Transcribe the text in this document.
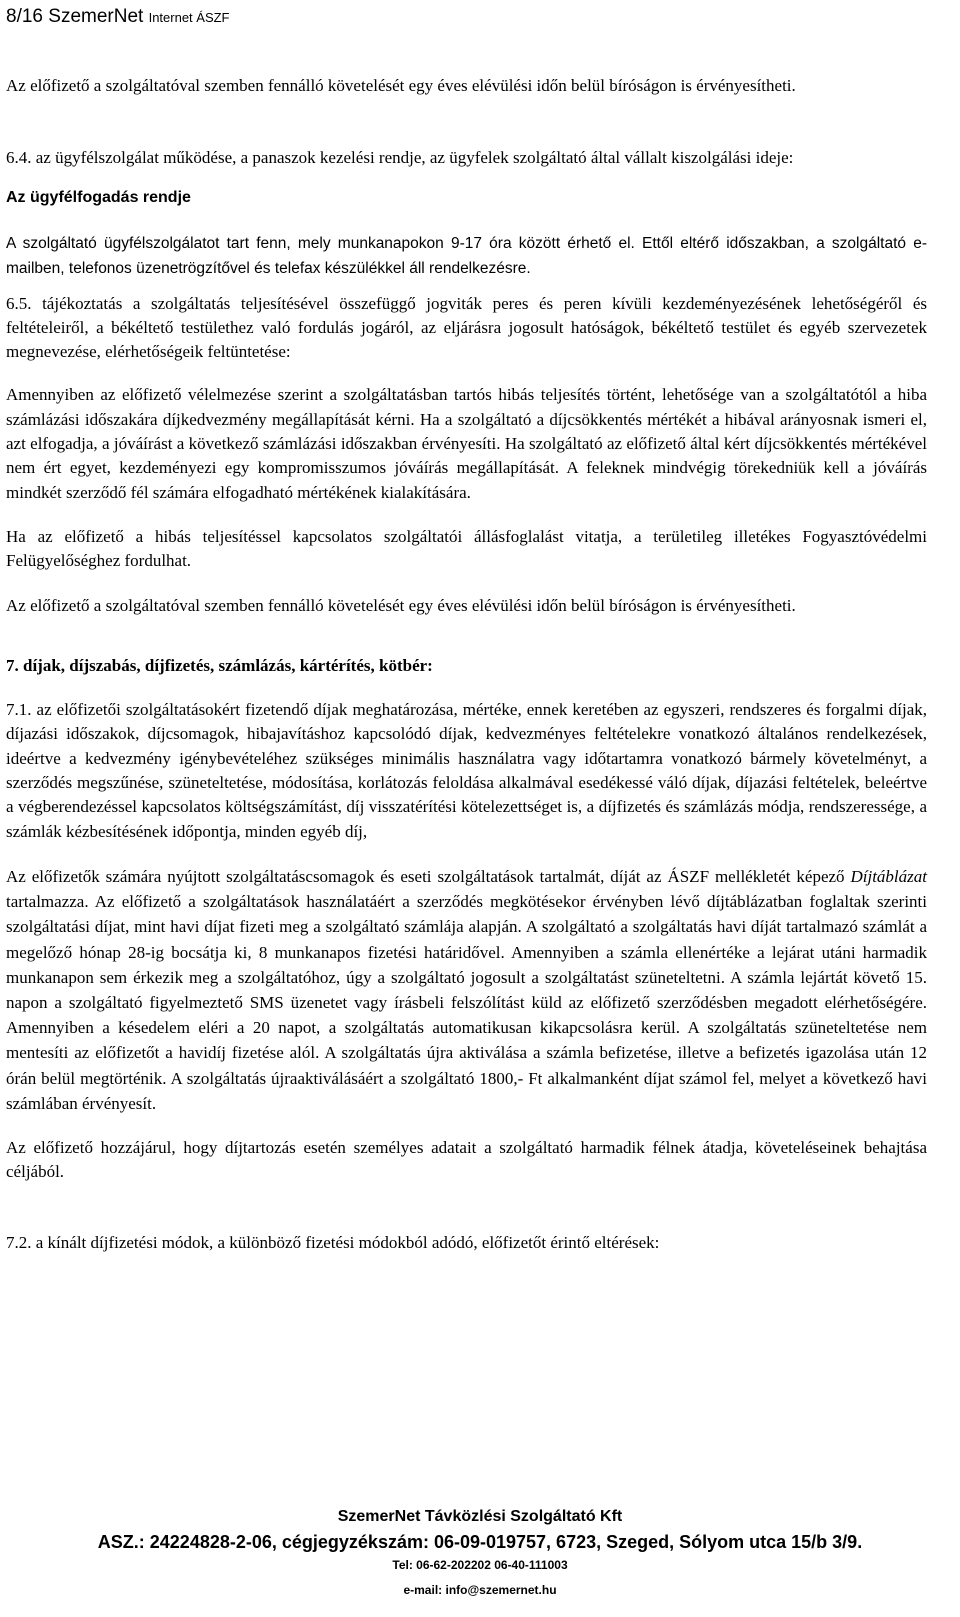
8/16 SzemerNet Internet ÁSZF

Az előfizető a szolgáltatóval szemben fennálló követelését egy éves elévülési időn belül bíróságon is érvényesítheti.

6.4. az ügyfélszolgálat működése, a panaszok kezelési rendje, az ügyfelek szolgáltató által vállalt kiszolgálási ideje:

Az ügyfélfogadás rendje

A szolgáltató ügyfélszolgálatot tart fenn, mely munkanapokon 9-17 óra között érhető el. Ettől eltérő időszakban, a szolgáltató e-mailben, telefonos üzenetrögzítővel és telefax készülékkel áll rendelkezésre.

6.5. tájékoztatás a szolgáltatás teljesítésével összefüggő jogviták peres és peren kívüli kezdeményezésének lehetőségéről és feltételeiről, a békéltető testülethez való fordulás jogáról, az eljárásra jogosult hatóságok, békéltető testület és egyéb szervezetek megnevezése, elérhetőségeik feltüntetése:

Amennyiben az előfizető vélelmezése szerint a szolgáltatásban tartós hibás teljesítés történt, lehetősége van a szolgáltatótól a hiba számlázási időszakára díjkedvezmény megállapítását kérni. Ha a szolgáltató a díjcsökkentés mértékét a hibával arányosnak ismeri el, azt elfogadja, a jóváírást a következő számlázási időszakban érvényesíti. Ha szolgáltató az előfizető által kért díjcsökkentés mértékével nem ért egyet, kezdeményezi egy kompromisszumos jóváírás megállapítását. A feleknek mindvégig törekedniük kell a jóváírás mindkét szerződő fél számára elfogadható mértékének kialakítására.

Ha az előfizető a hibás teljesítéssel kapcsolatos szolgáltatói állásfoglalást vitatja, a területileg illetékes Fogyasztóvédelmi Felügyelőséghez fordulhat.

Az előfizető a szolgáltatóval szemben fennálló követelését egy éves elévülési időn belül bíróságon is érvényesítheti.

7. díjak, díjszabás, díjfizetés, számlázás, kártérítés, kötbér:

7.1. az előfizetői szolgáltatásokért fizetendő díjak meghatározása, mértéke, ennek keretében az egyszeri, rendszeres és forgalmi díjak, díjazási időszakok, díjcsomagok, hibajavításhoz kapcsolódó díjak, kedvezményes feltételekre vonatkozó általános rendelkezések, ideértve a kedvezmény igénybevételéhez szükséges minimális használatra vagy időtartamra vonatkozó bármely követelményt, a szerződés megszűnése, szüneteltetése, módosítása, korlátozás feloldása alkalmával esedékessé váló díjak, díjazási feltételek, beleértve a végberendezéssel kapcsolatos költségszámítást, díj visszatérítési kötelezettséget is, a díjfizetés és számlázás módja, rendszeressége, a számlák kézbesítésének időpontja, minden egyéb díj,

Az előfizetők számára nyújtott szolgáltatáscsomagok és eseti szolgáltatások tartalmát, díját az ÁSZF mellékletét képező Díjtáblázat tartalmazza. Az előfizető a szolgáltatások használatáért a szerződés megkötésekor érvényben lévő díjtáblázatban foglaltak szerinti szolgáltatási díjat, mint havi díjat fizeti meg a szolgáltató számlája alapján. A szolgáltató a szolgáltatás havi díját tartalmazó számlát a megelőző hónap 28-ig bocsátja ki, 8 munkanapos fizetési határidővel. Amennyiben a számla ellenértéke a lejárat utáni harmadik munkanapon sem érkezik meg a szolgáltatóhoz, úgy a szolgáltató jogosult a szolgáltatást szüneteltetni. A számla lejártát követő 15. napon a szolgáltató figyelmeztető SMS üzenetet vagy írásbeli felszólítást küld az előfizető szerződésben megadott elérhetőségére. Amennyiben a késedelem eléri a 20 napot, a szolgáltatás automatikusan kikapcsolásra kerül. A szolgáltatás szüneteltetése nem mentesíti az előfizetőt a havidíj fizetése alól. A szolgáltatás újra aktiválása a számla befizetése, illetve a befizetés igazolása után 12 órán belül megtörténik. A szolgáltatás újraaktiválásáért a szolgáltató 1800,- Ft alkalmanként díjat számol fel, melyet a következő havi számlában érvényesít.

Az előfizető hozzájárul, hogy díjtartozás esetén személyes adatait a szolgáltató harmadik félnek átadja, követeléseinek behajtása céljából.

7.2. a kínált díjfizetési módok, a különböző fizetési módokból adódó, előfizetőt érintő eltérések:

SzemerNet Távközlési Szolgáltató Kft
ASZ.: 24224828-2-06, cégjegyzékszám: 06-09-019757, 6723, Szeged, Sólyom utca 15/b 3/9.
Tel: 06-62-202202 06-40-111003
e-mail: info@szemernet.hu
